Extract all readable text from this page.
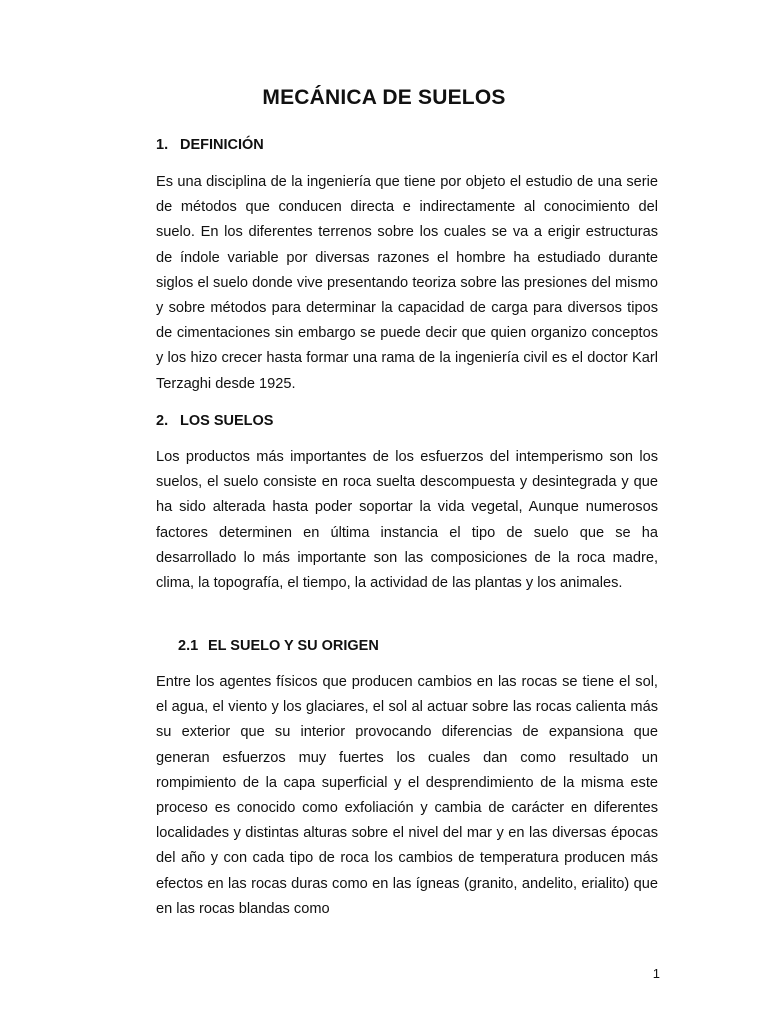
MECÁNICA DE SUELOS
1. DEFINICIÓN

Es una disciplina de la ingeniería que tiene por objeto el estudio de una serie de métodos que conducen directa e indirectamente al conocimiento del suelo. En los diferentes terrenos sobre los cuales se va a erigir estructuras de índole variable por diversas razones el hombre ha estudiado durante siglos el suelo donde vive presentando teoriza sobre las presiones del mismo y sobre métodos para determinar la capacidad de carga para diversos tipos de cimentaciones sin embargo se puede decir que quien organizo conceptos y los hizo crecer hasta formar una rama de la ingeniería civil es el doctor Karl Terzaghi desde 1925.

2. LOS SUELOS

Los productos más importantes de los esfuerzos del intemperismo son los suelos, el suelo consiste en roca suelta descompuesta y desintegrada y que ha sido alterada hasta poder soportar la vida vegetal, Aunque numerosos factores determinen en última instancia el tipo de suelo que se ha desarrollado lo más importante son las composiciones de la roca madre, clima, la topografía, el tiempo, la actividad de las plantas y los animales.

2.1 EL SUELO Y SU ORIGEN

Entre los agentes físicos que producen cambios en las rocas se tiene el sol, el agua, el viento y los glaciares, el sol al actuar sobre las rocas calienta más su exterior que su interior provocando diferencias de expansiona que generan esfuerzos muy fuertes los cuales dan como resultado un rompimiento de la capa superficial y el desprendimiento de la misma este proceso es conocido como exfoliación y cambia de carácter en diferentes localidades y distintas alturas sobre el nivel del mar y en las diversas épocas del año y con cada tipo de roca los cambios de temperatura producen más efectos en las rocas duras como en las ígneas (granito, andelito, erialito) que en las rocas blandas como

1
